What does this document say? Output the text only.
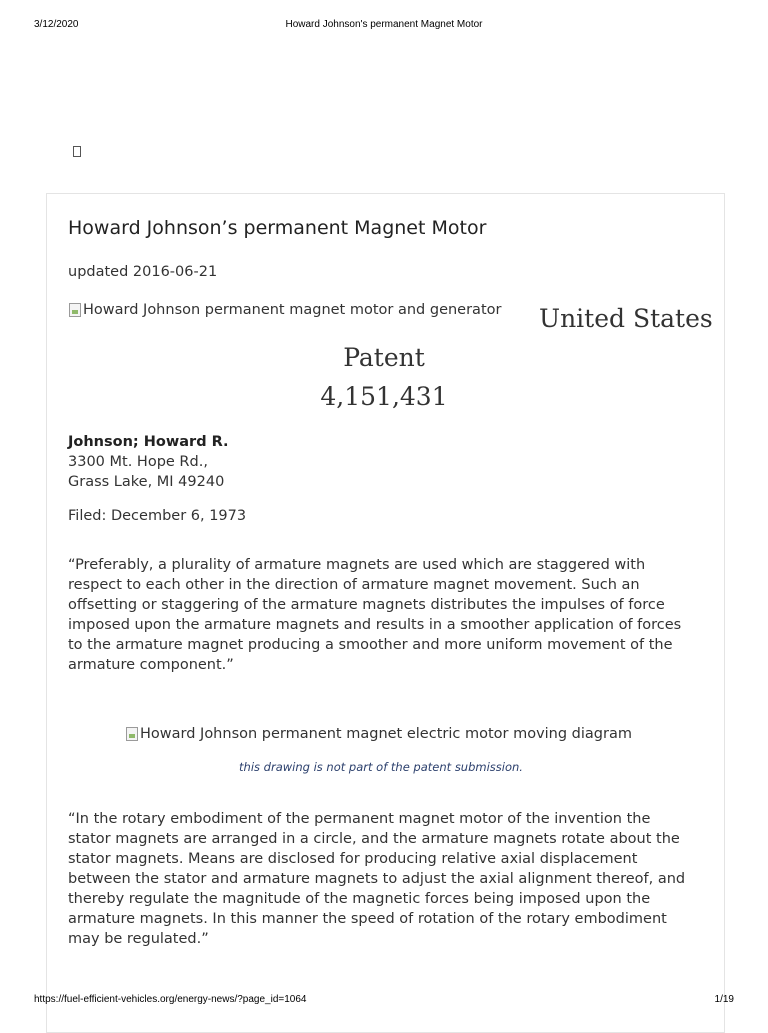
3/12/2020	Howard Johnson's permanent Magnet Motor
Howard Johnson’s permanent Magnet Motor
updated 2016-06-21
Howard Johnson permanent magnet motor and generator United States
Patent
4,151,431
Johnson; Howard R.
3300 Mt. Hope Rd.,
Grass Lake, MI 49240
Filed: December 6, 1973

“Preferably, a plurality of armature magnets are used which are staggered with

respect to each other in the direction of armature magnet movement. Such an

offsetting or staggering of the armature magnets distributes the impulses of force

imposed upon the armature magnets and results in a smoother application of forces

to the armature magnet producing a smoother and more uniform movement of the

armature component.”

Howard Johnson permanent magnet electric motor moving diagram
this drawing is not part of the patent submission.

“In the rotary embodiment of the permanent magnet motor of the invention the

stator magnets are arranged in a circle, and the armature magnets rotate about the

stator magnets. Means are disclosed for producing relative axial displacement

between the stator and armature magnets to adjust the axial alignment thereof, and

thereby regulate the magnitude of the magnetic forces being imposed upon the

armature magnets. In this manner the speed of rotation of the rotary embodiment

may be regulated.”

https://fuel-efficient-vehicles.org/energy-news/?page_id=1064	1/19
